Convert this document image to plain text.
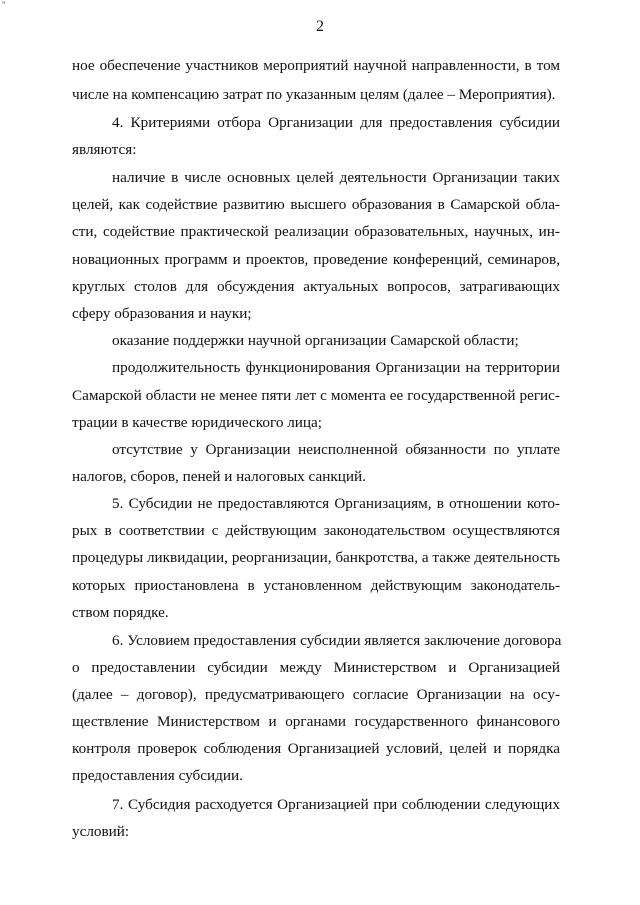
"
2
ное обеспечение участников мероприятий научной направленности, в том
числе на компенсацию затрат по указанным целям (далее – Мероприятия).
4. Критериями отбора Организации для предоставления субсидии
являются:
наличие в числе основных целей деятельности Организации таких
целей, как содействие развитию высшего образования в Самарской обла-
сти, содействие практической реализации образовательных, научных, ин-
новационных программ и проектов, проведение конференций, семинаров,
круглых столов для обсуждения актуальных вопросов, затрагивающих
сферу образования и науки;
оказание поддержки научной организации Самарской области;
продолжительность функционирования Организации на территории
Самарской области не менее пяти лет с момента ее государственной регис-
трации в качестве юридического лица;
отсутствие у Организации неисполненной обязанности по уплате
налогов, сборов, пеней и налоговых санкций.
5. Субсидии не предоставляются Организациям, в отношении кото-
рых в соответствии с действующим законодательством осуществляются
процедуры ликвидации, реорганизации, банкротства, а также деятельность
которых приостановлена в установленном действующим законодатель-
ством порядке.
6. Условием предоставления субсидии является заключение договора
о предоставлении субсидии между Министерством и Организацией
(далее – договор), предусматривающего согласие Организации на осу-
ществление Министерством и органами государственного финансового
контроля проверок соблюдения Организацией условий, целей и порядка
предоставления субсидии.
7. Субсидия расходуется Организацией при соблюдении следующих
условий:
